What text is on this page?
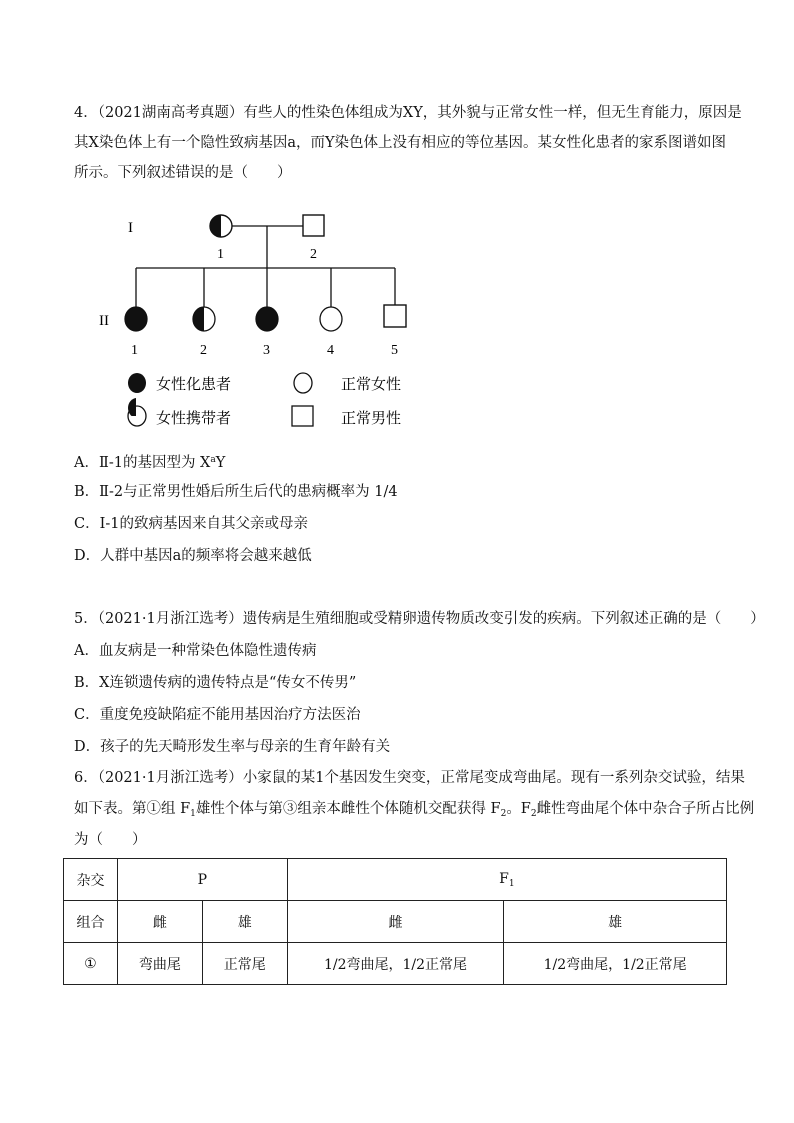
4．（2021湖南高考真题）有些人的性染色体组成为XY，其外貌与正常女性一样，但无生育能力，原因是
其X染色体上有一个隐性致病基因a，而Y染色体上没有相应的等位基因。某女性化患者的家系图谱如图
所示。下列叙述错误的是（　　）
I
II
1	2
1	2	3	4	5
女性化患者	正常女性
女性携带者	正常男性
A．Ⅱ-1的基因型为 $X^aY$
B．Ⅱ-2与正常男性婚后所生后代的患病概率为 1/4
C．I-1的致病基因来自其父亲或母亲
D．人群中基因a的频率将会越来越低
5．（2021·1月浙江选考）遗传病是生殖细胞或受精卵遗传物质改变引发的疾病。下列叙述正确的是（　　）
A．血友病是一种常染色体隐性遗传病
B．X连锁遗传病的遗传特点是“传女不传男”
C．重度免疫缺陷症不能用基因治疗方法医治
D．孩子的先天畸形发生率与母亲的生育年龄有关
6．（2021·1月浙江选考）小家鼠的某1个基因发生突变，正常尾变成弯曲尾。现有一系列杂交试验，结果
如下表。第①组 $F_1$雄性个体与第③组亲本雌性个体随机交配获得 $F_2$。$F_2$雌性弯曲尾个体中杂合子所占比例
为（　　）
杂交	P		$F_1$
组合	雌	雄	雌	雄
①	弯曲尾	正常尾	1/2弯曲尾，1/2正常尾	1/2弯曲尾，1/2正常尾
